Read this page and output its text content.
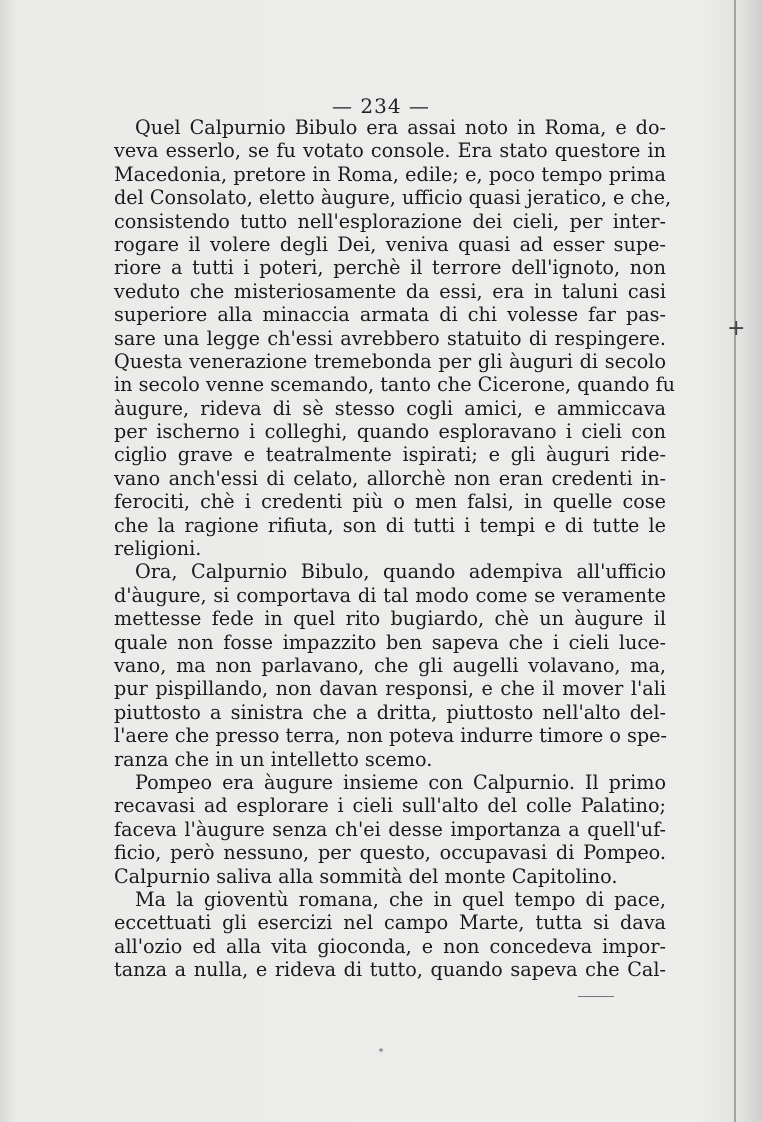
— 234 —
Quel Calpurnio Bibulo era assai noto in Roma, e do-
veva esserlo, se fu votato console. Era stato questore in
Macedonia, pretore in Roma, edile; e, poco tempo prima
del Consolato, eletto àugure, ufficio quasi jeratico, e che,
consistendo tutto nell'esplorazione dei cieli, per inter-
rogare il volere degli Dei, veniva quasi ad esser supe-
riore a tutti i poteri, perchè il terrore dell'ignoto, non
veduto che misteriosamente da essi, era in taluni casi
superiore alla minaccia armata di chi volesse far pas-
sare una legge ch'essi avrebbero statuito di respingere.
Questa venerazione tremebonda per gli àuguri di secolo
in secolo venne scemando, tanto che Cicerone, quando fu
àugure, rideva di sè stesso cogli amici, e ammiccava
per ischerno i colleghi, quando esploravano i cieli con
ciglio grave e teatralmente ispirati; e gli àuguri ride-
vano anch'essi di celato, allorchè non eran credenti in-
ferociti, chè i credenti più o men falsi, in quelle cose
che la ragione rifiuta, son di tutti i tempi e di tutte le
religioni.
Ora, Calpurnio Bibulo, quando adempiva all'ufficio
d'àugure, si comportava di tal modo come se veramente
mettesse fede in quel rito bugiardo, chè un àugure il
quale non fosse impazzito ben sapeva che i cieli luce-
vano, ma non parlavano, che gli augelli volavano, ma,
pur pispillando, non davan responsi, e che il mover l'ali
piuttosto a sinistra che a dritta, piuttosto nell'alto del-
l'aere che presso terra, non poteva indurre timore o spe-
ranza che in un intelletto scemo.
Pompeo era àugure insieme con Calpurnio. Il primo
recavasi ad esplorare i cieli sull'alto del colle Palatino;
faceva l'àugure senza ch'ei desse importanza a quell'uf-
ficio, però nessuno, per questo, occupavasi di Pompeo.
Calpurnio saliva alla sommità del monte Capitolino.
Ma la gioventù romana, che in quel tempo di pace,
eccettuati gli esercizi nel campo Marte, tutta si dava
all'ozio ed alla vita gioconda, e non concedeva impor-
tanza a nulla, e rideva di tutto, quando sapeva che Cal-
+
*
